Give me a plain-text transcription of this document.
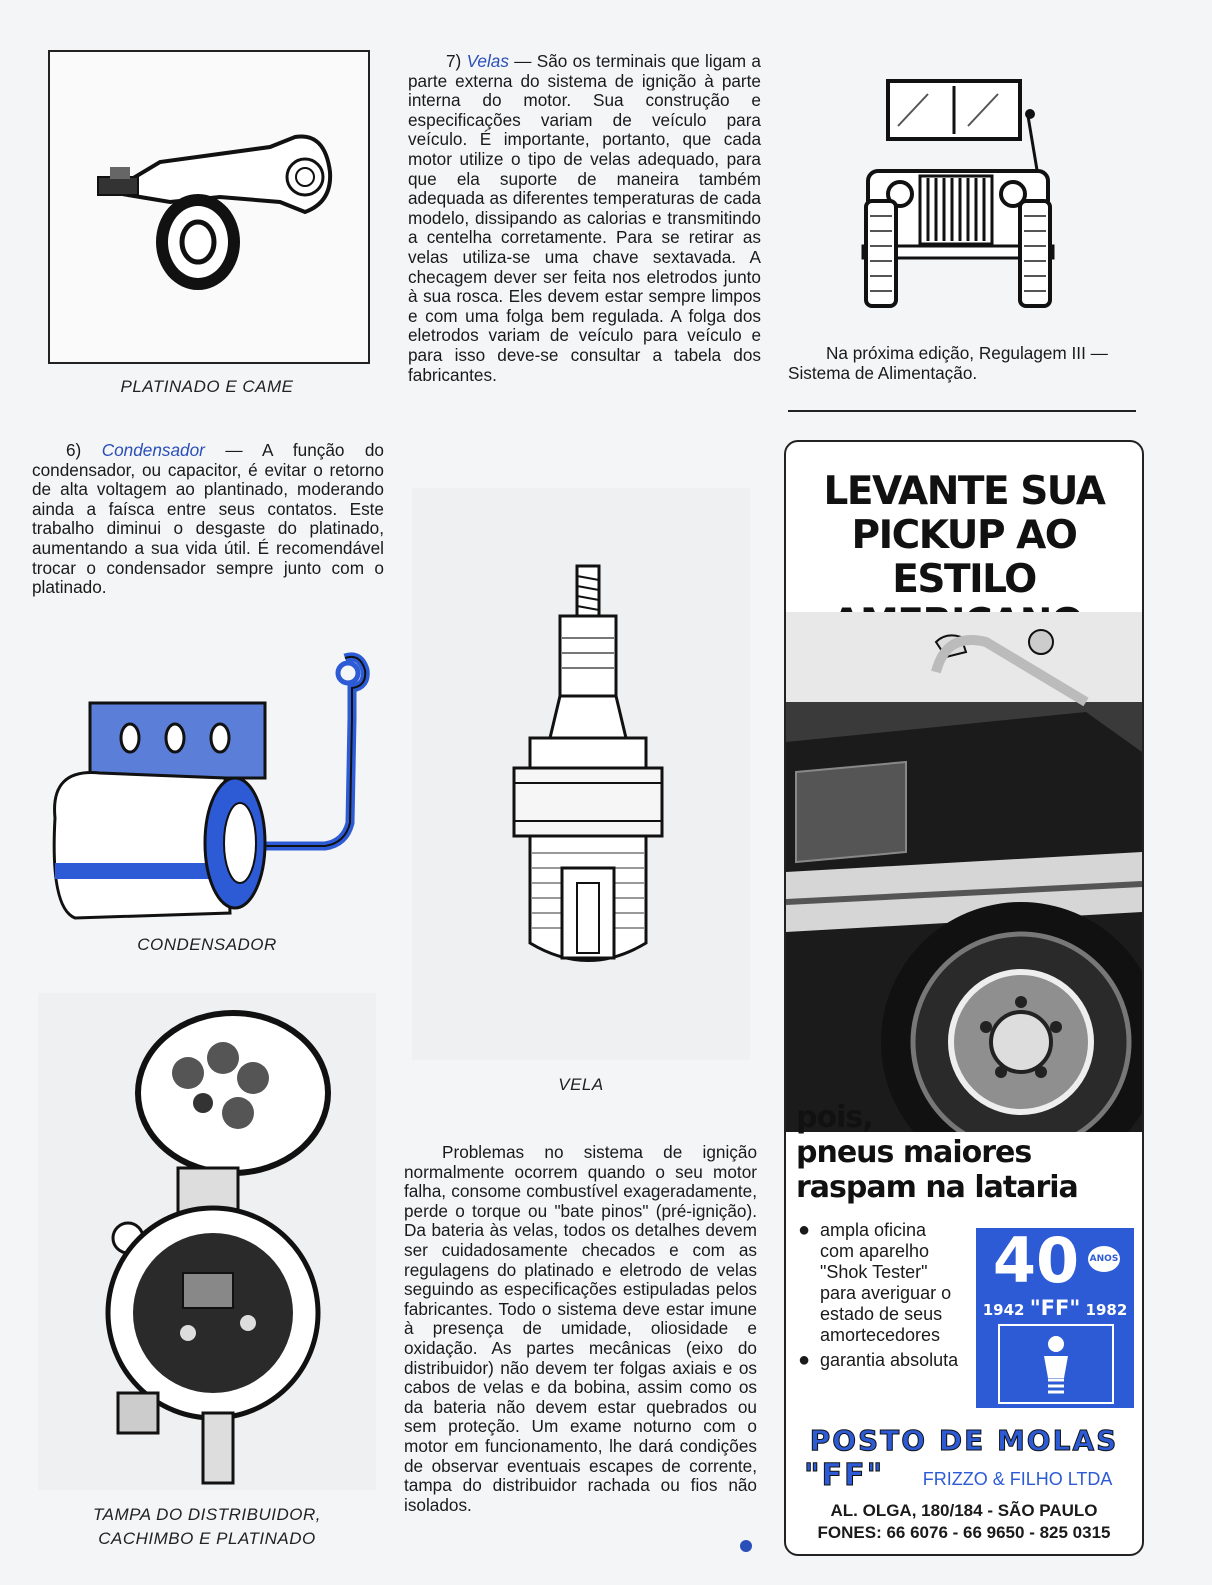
PLATINADO E CAME

6) Condensador — A função do condensador, ou capacitor, é evitar o retorno de alta voltagem ao plantinado, moderando ainda a faísca entre seus contatos. Este trabalho diminui o desgaste do platinado, aumentando a sua vida útil. É recomendável trocar o condensador sempre junto com o platinado.

CONDENSADOR
TAMPA DO DISTRIBUIDOR,
CACHIMBO E PLATINADO

7) Velas — São os terminais que ligam a parte externa do sistema de ignição à parte interna do motor. Sua construção e especificações variam de veículo para veículo. É importante, portanto, que cada motor utilize o tipo de velas adequado, para que ela suporte de maneira também adequada as diferentes temperaturas de cada modelo, dissipando as calorias e transmitindo a centelha corretamente. Para se retirar as velas utiliza-se uma chave sextavada. A checagem dever ser feita nos eletrodos junto à sua rosca. Eles devem estar sempre limpos e com uma folga bem regulada. A folga dos eletrodos variam de veículo para veículo e para isso deve-se consultar a tabela dos fabricantes.

VELA

Problemas no sistema de ignição normalmente ocorrem quando o seu motor falha, consome combustível exageradamente, perde o torque ou "bate pinos" (pré-ignição). Da bateria às velas, todos os detalhes devem ser cuidadosamente checados e com as regulagens do platinado e eletrodo de velas seguindo as especificações estipuladas pelos fabricantes. Todo o sistema deve estar imune à presença de umidade, oliosidade e oxidação. As partes mecânicas (eixo do distribuidor) não devem ter folgas axiais e os cabos de velas e da bobina, assim como os da bateria não devem estar quebrados ou sem proteção. Um exame noturno com o motor em funcionamento, lhe dará condições de observar eventuais escapes de corrente, tampa do distribuidor rachada ou fios não isolados.

Na próxima edição, Regulagem III — Sistema de Alimentação.

LEVANTE SUA
PICKUP AO ESTILO
pois,
pneus maiores
raspam na lataria
● ampla oficina com aparelho "Shok Tester" para averiguar o estado de seus amortecedores
● garantia absoluta
40	ANOS
1942 "FF" 1982
POSTO DE MOLAS
"FF" FRIZZO & FILHO LTDA
AL. OLGA, 180/184 - SÃO PAULO
FONES: 66 6076 - 66 9650 - 825 0315
